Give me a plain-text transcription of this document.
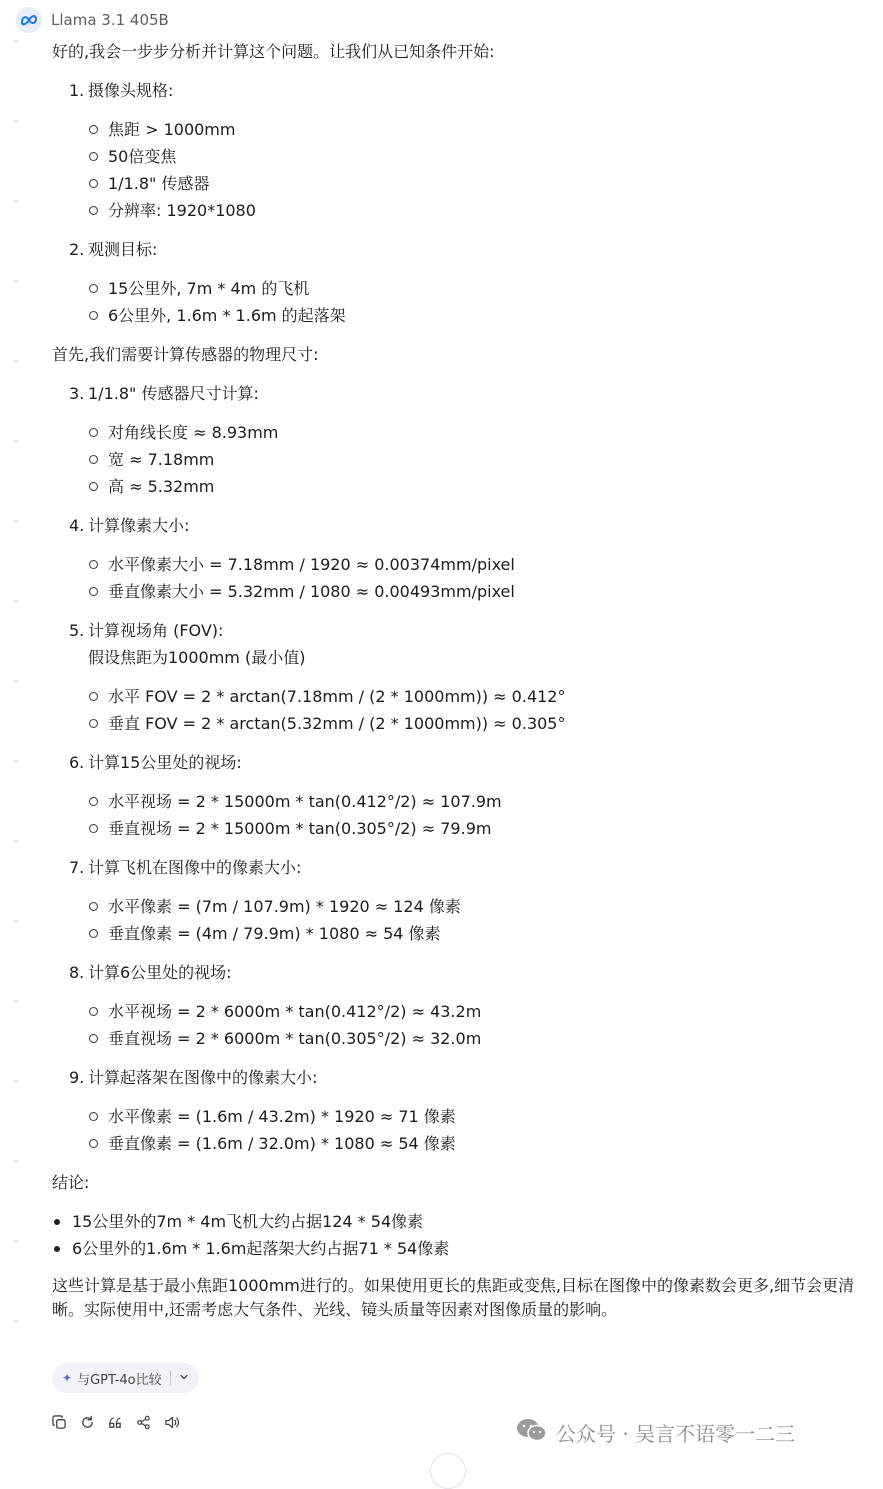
Llama 3.1 405B

好的,我会一步步分析并计算这个问题。让我们从已知条件开始:

1. 摄像头规格:
焦距 > 1000mm
50倍变焦
1/1.8" 传感器
分辨率: 1920*1080
2. 观测目标:
15公里外, 7m * 4m 的飞机
6公里外, 1.6m * 1.6m 的起落架

首先,我们需要计算传感器的物理尺寸:

3. 1/1.8" 传感器尺寸计算:
对角线长度 ≈ 8.93mm
宽 ≈ 7.18mm
高 ≈ 5.32mm
4. 计算像素大小:
水平像素大小 = 7.18mm / 1920 ≈ 0.00374mm/pixel
垂直像素大小 = 5.32mm / 1080 ≈ 0.00493mm/pixel
5. 计算视场角 (FOV):
假设焦距为1000mm (最小值)
水平 FOV = 2 * arctan(7.18mm / (2 * 1000mm)) ≈ 0.412°
垂直 FOV = 2 * arctan(5.32mm / (2 * 1000mm)) ≈ 0.305°
6. 计算15公里处的视场:
水平视场 = 2 * 15000m * tan(0.412°/2) ≈ 107.9m
垂直视场 = 2 * 15000m * tan(0.305°/2) ≈ 79.9m
7. 计算飞机在图像中的像素大小:
水平像素 = (7m / 107.9m) * 1920 ≈ 124 像素
垂直像素 = (4m / 79.9m) * 1080 ≈ 54 像素
8. 计算6公里处的视场:
水平视场 = 2 * 6000m * tan(0.412°/2) ≈ 43.2m
垂直视场 = 2 * 6000m * tan(0.305°/2) ≈ 32.0m
9. 计算起落架在图像中的像素大小:
水平像素 = (1.6m / 43.2m) * 1920 ≈ 71 像素
垂直像素 = (1.6m / 32.0m) * 1080 ≈ 54 像素

结论:

15公里外的7m * 4m飞机大约占据124 * 54像素
6公里外的1.6m * 1.6m起落架大约占据71 * 54像素

这些计算是基于最小焦距1000mm进行的。如果使用更长的焦距或变焦,目标在图像中的像素数会更多,细节会更清晰。实际使用中,还需考虑大气条件、光线、镜头质量等因素对图像质量的影响。

✦ 与GPT-4o比较
公众号 · 吴言不语零一二三
